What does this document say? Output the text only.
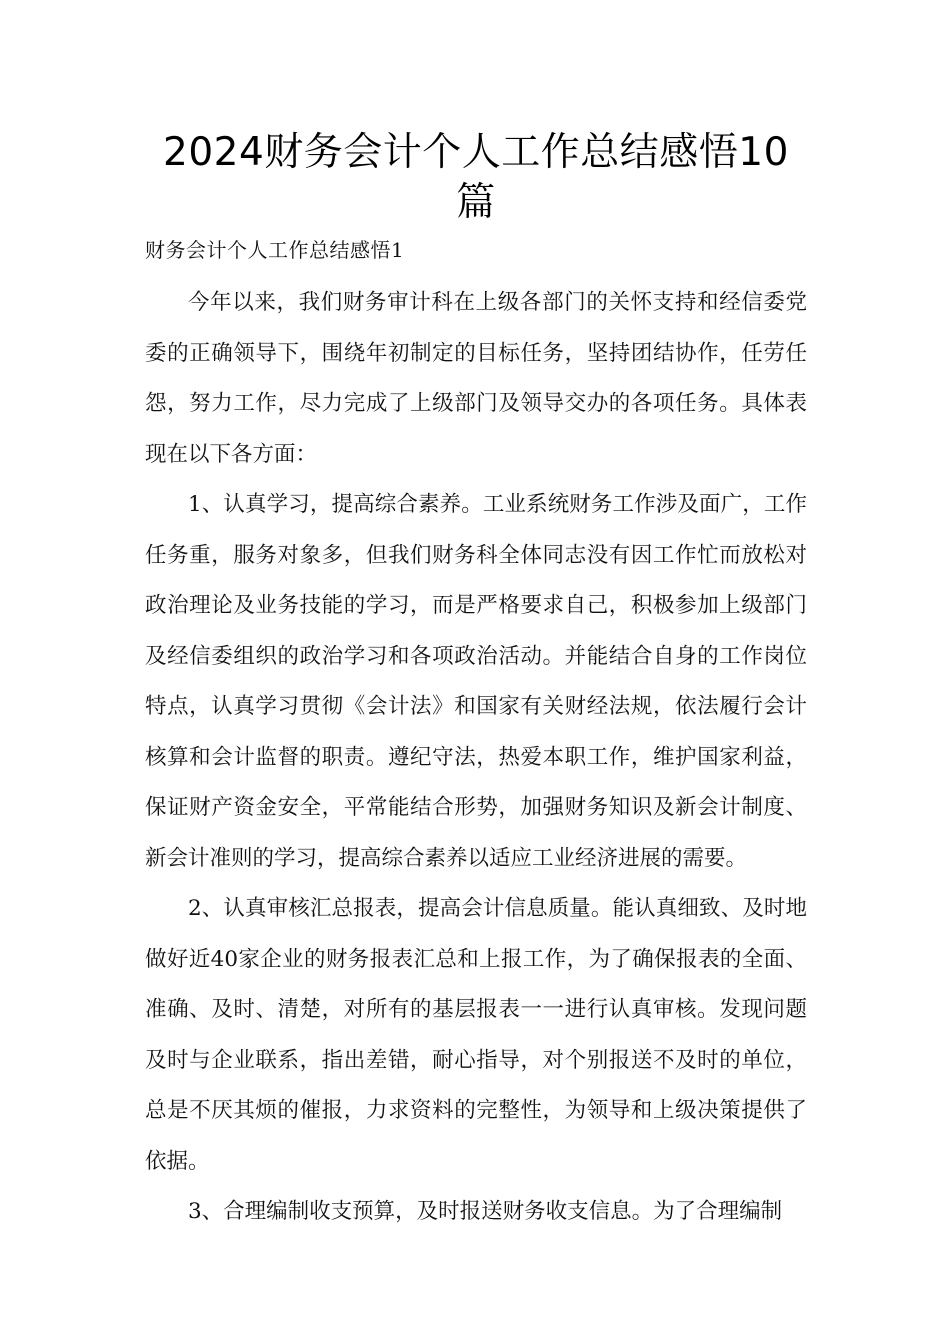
2024财务会计个人工作总结感悟10篇
财务会计个人工作总结感悟1

今年以来，我们财务审计科在上级各部门的关怀支持和经信委党委的正确领导下，围绕年初制定的目标任务，坚持团结协作，任劳任怨，努力工作，尽力完成了上级部门及领导交办的各项任务。具体表现在以下各方面：

1、认真学习，提高综合素养。工业系统财务工作涉及面广，工作任务重，服务对象多，但我们财务科全体同志没有因工作忙而放松对政治理论及业务技能的学习，而是严格要求自己，积极参加上级部门及经信委组织的政治学习和各项政治活动。并能结合自身的工作岗位特点，认真学习贯彻《会计法》和国家有关财经法规，依法履行会计核算和会计监督的职责。遵纪守法，热爱本职工作，维护国家利益，保证财产资金安全，平常能结合形势，加强财务知识及新会计制度、新会计准则的学习，提高综合素养以适应工业经济进展的需要。

2、认真审核汇总报表，提高会计信息质量。能认真细致、及时地做好近40家企业的财务报表汇总和上报工作，为了确保报表的全面、准确、及时、清楚，对所有的基层报表一一进行认真审核。发现问题及时与企业联系，指出差错，耐心指导，对个别报送不及时的单位，总是不厌其烦的催报，力求资料的完整性，为领导和上级决策提供了依据。

3、合理编制收支预算，及时报送财务收支信息。为了合理编制
